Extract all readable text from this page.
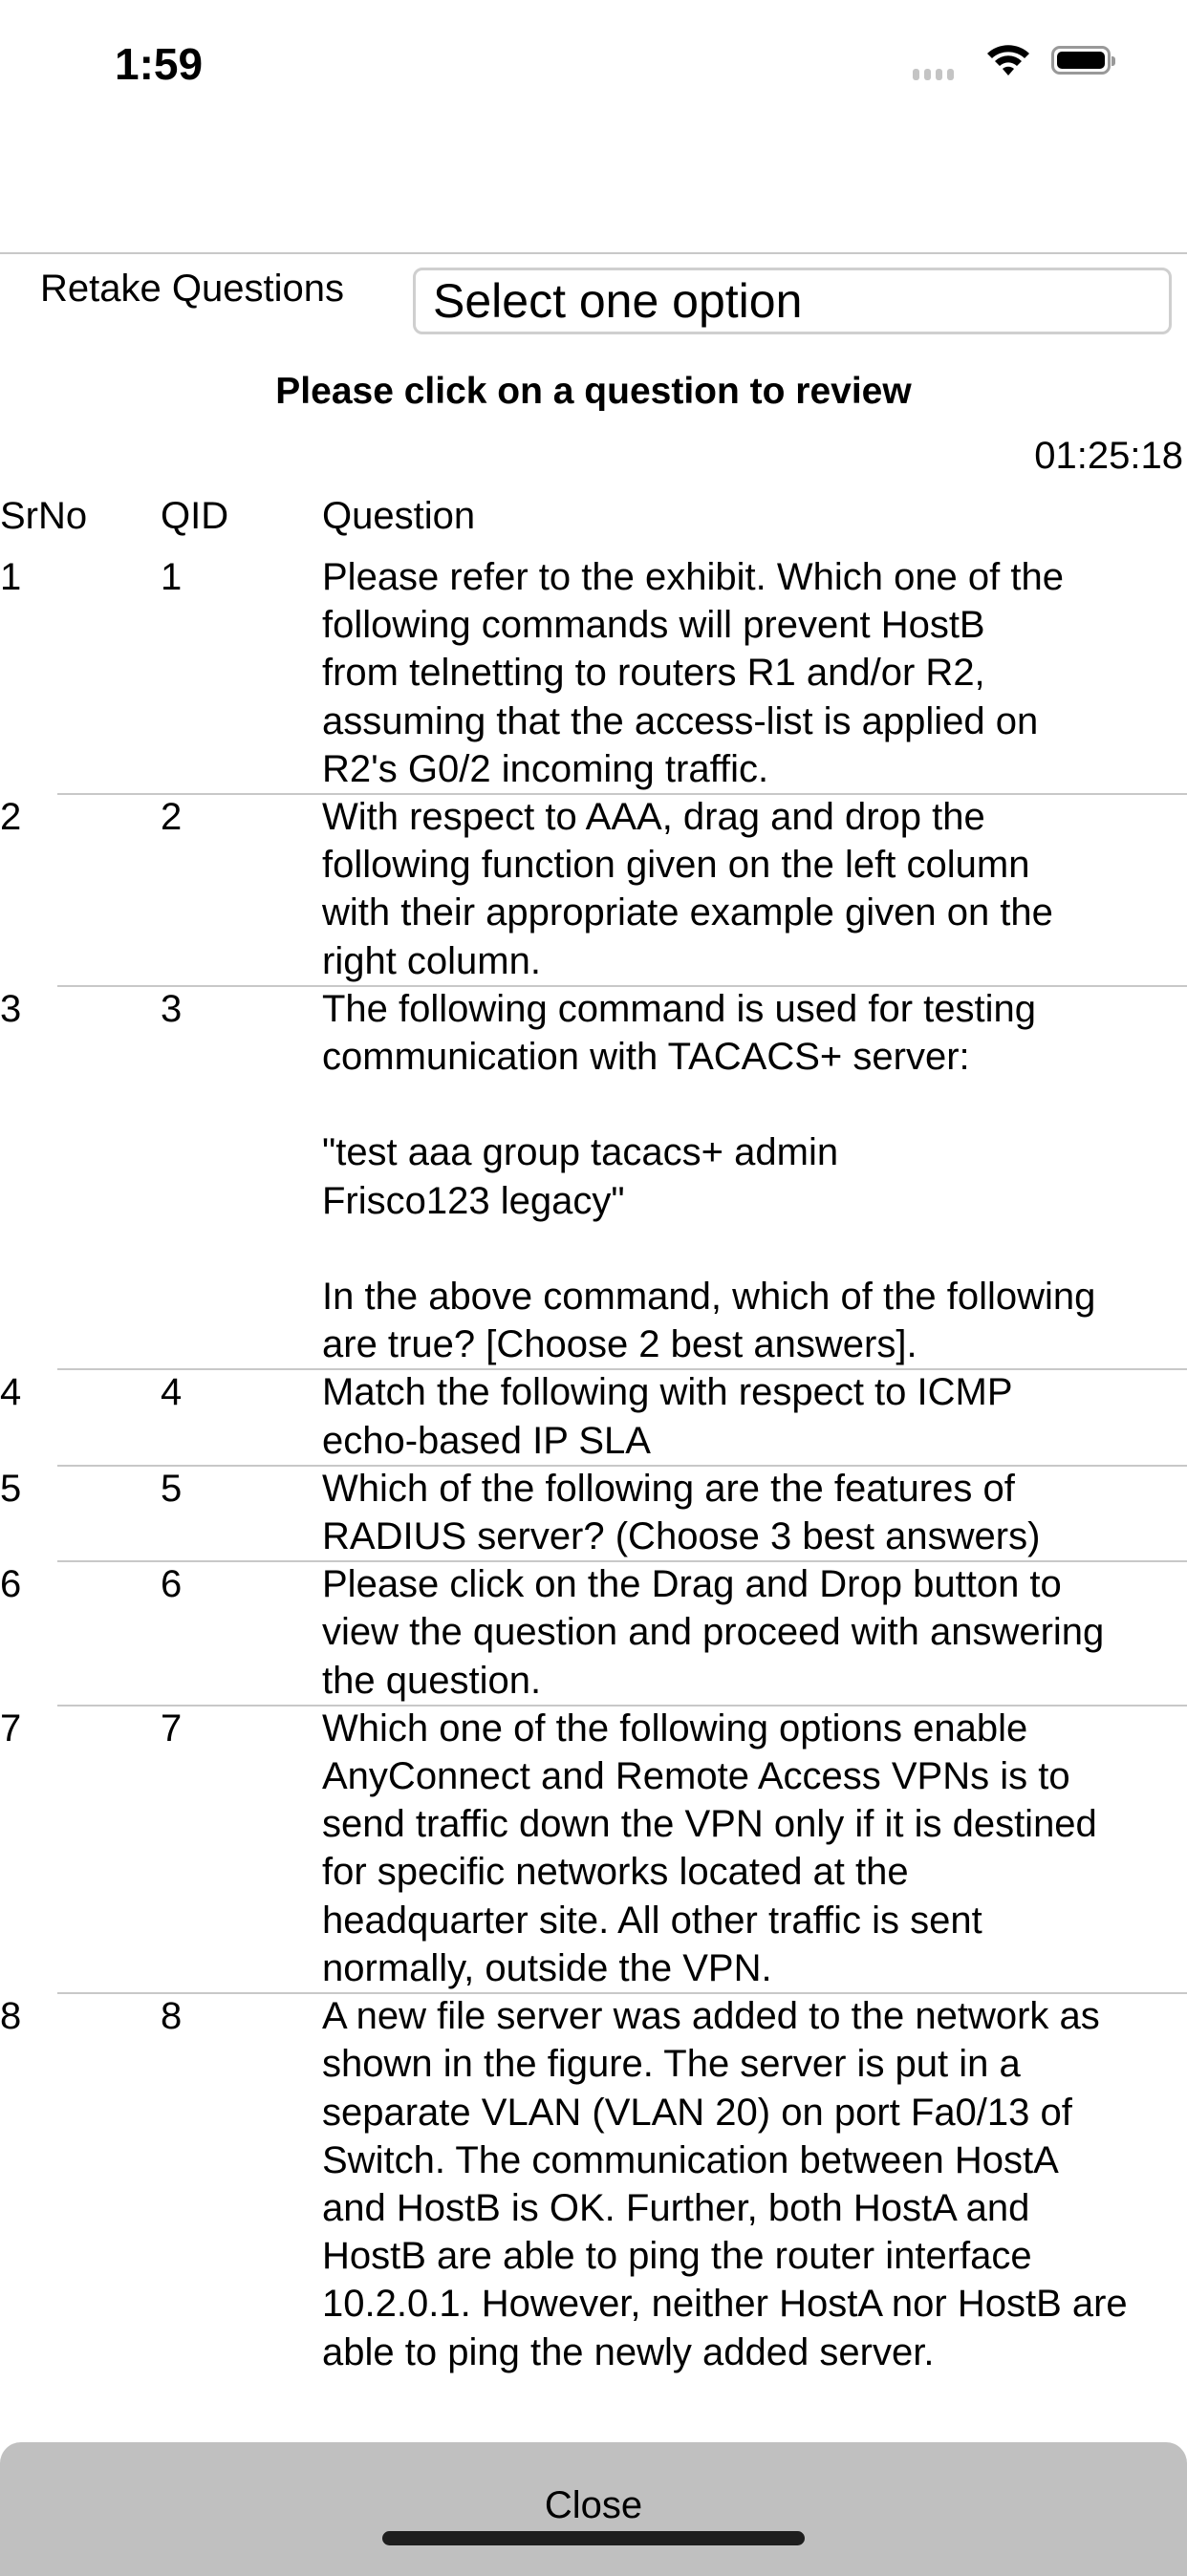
1:59
Retake Questions	Select one option
Please click on a question to review
01:25:18
SrNo QID Question
1	1	Please refer to the exhibit. Which one of the
following commands will prevent HostB
from telnetting to routers R1 and/or R2,
assuming that the access-list is applied on
R2's G0/2 incoming traffic.
2	2	With respect to AAA, drag and drop the
following function given on the left column
with their appropriate example given on the
right column.
3	3	The following command is used for testing
communication with TACACS+ server:

"test aaa group tacacs+ admin
Frisco123 legacy"

In the above command, which of the following
are true? [Choose 2 best answers].
4	4	Match the following with respect to ICMP
echo-based IP SLA
5	5	Which of the following are the features of
RADIUS server? (Choose 3 best answers)
6	6	Please click on the Drag and Drop button to
view the question and proceed with answering
the question.
7	7	Which one of the following options enable
AnyConnect and Remote Access VPNs is to
send traffic down the VPN only if it is destined
for specific networks located at the
headquarter site. All other traffic is sent
normally, outside the VPN.
8	8	A new file server was added to the network as
shown in the figure. The server is put in a
separate VLAN (VLAN 20) on port Fa0/13 of
Switch. The communication between HostA
and HostB is OK. Further, both HostA and
HostB are able to ping the router interface
10.2.0.1. However, neither HostA nor HostB are
able to ping the newly added server.
Close
